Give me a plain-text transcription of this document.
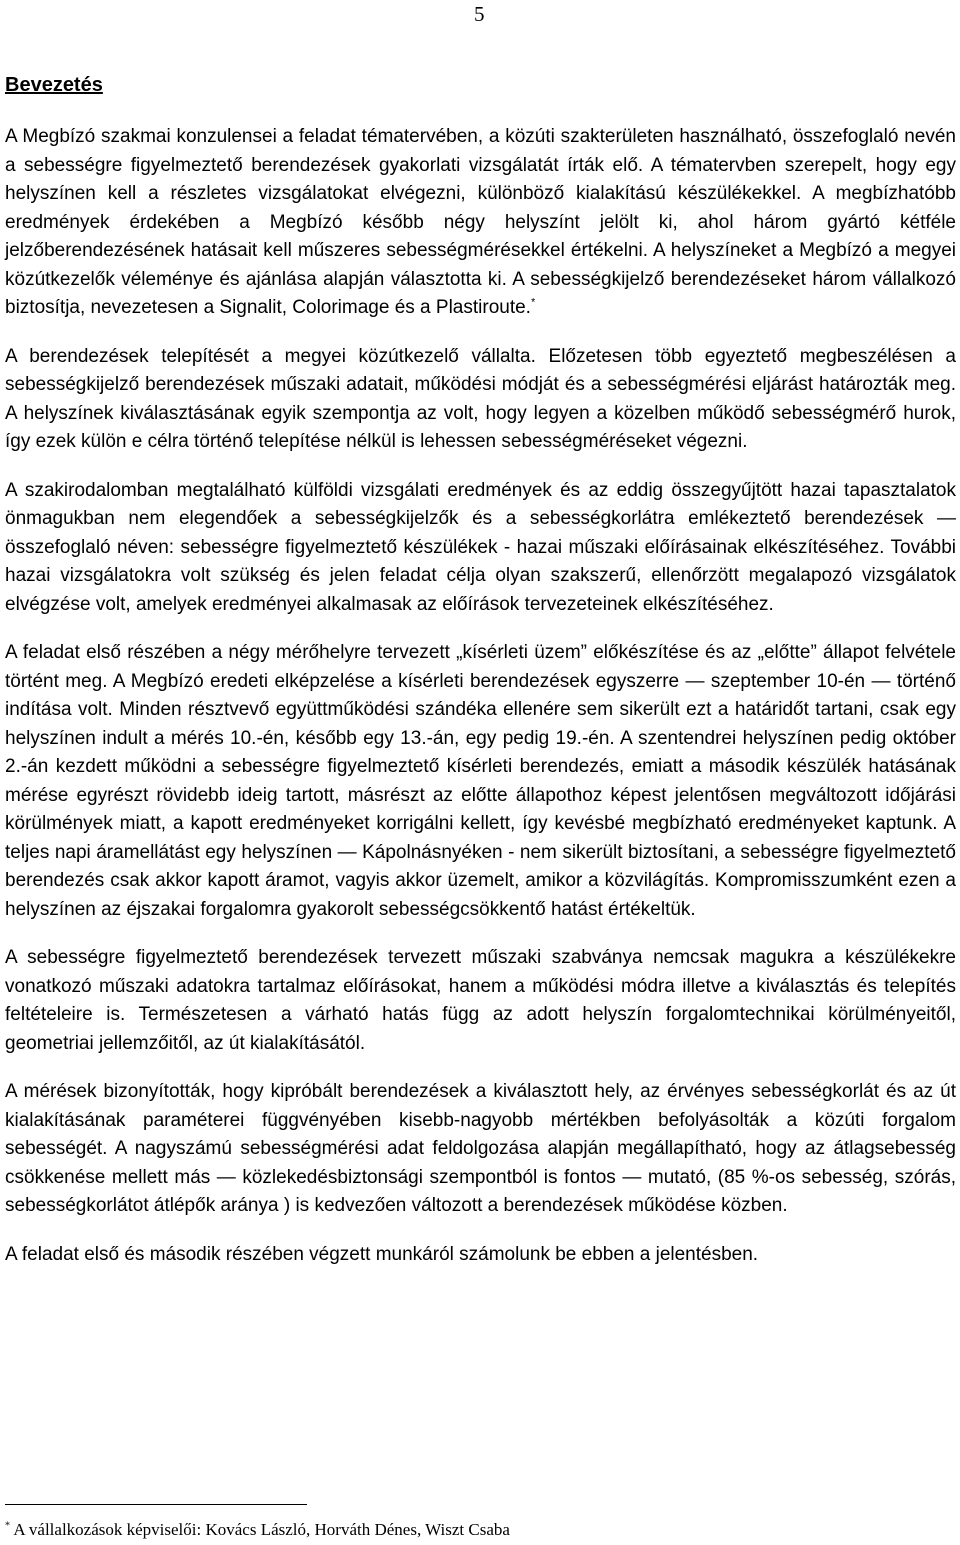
5
Bevezetés

A Megbízó szakmai konzulensei a feladat tématervében, a közúti szakterületen használható, összefoglaló nevén a sebességre figyelmeztető berendezések gyakorlati vizsgálatát írták elő. A tématervben szerepelt, hogy egy helyszínen kell a részletes vizsgálatokat elvégezni, különböző kialakítású készülékekkel. A megbízhatóbb eredmények érdekében a Megbízó később négy helyszínt jelölt ki, ahol három gyártó kétféle jelzőberendezésének hatásait kell műszeres sebességmérésekkel értékelni. A helyszíneket a Megbízó a megyei közútkezelők véleménye és ajánlása alapján választotta ki. A sebességkijelző berendezéseket három vállalkozó biztosítja, nevezetesen a Signalit, Colorimage és a Plastiroute.*

A berendezések telepítését a megyei közútkezelő vállalta. Előzetesen több egyeztető megbeszélésen a sebességkijelző berendezések műszaki adatait, működési módját és a sebességmérési eljárást határozták meg. A helyszínek kiválasztásának egyik szempontja az volt, hogy legyen a közelben működő sebességmérő hurok, így ezek külön e célra történő telepítése nélkül is lehessen sebességméréseket végezni.

A szakirodalomban megtalálható külföldi vizsgálati eredmények és az eddig összegyűjtött hazai tapasztalatok önmagukban nem elegendőek a sebességkijelzők és a sebességkorlátra emlékeztető berendezések — összefoglaló néven: sebességre figyelmeztető készülékek - hazai műszaki előírásainak elkészítéséhez. További hazai vizsgálatokra volt szükség és jelen feladat célja olyan szakszerű, ellenőrzött megalapozó vizsgálatok elvégzése volt, amelyek eredményei alkalmasak az előírások tervezeteinek elkészítéséhez.

A feladat első részében a négy mérőhelyre tervezett „kísérleti üzem” előkészítése és az „előtte” állapot felvétele történt meg. A Megbízó eredeti elképzelése a kísérleti berendezések egyszerre — szeptember 10-én — történő indítása volt. Minden résztvevő együttműködési szándéka ellenére sem sikerült ezt a határidőt tartani, csak egy helyszínen indult a mérés 10.-én, később egy 13.-án, egy pedig 19.-én. A szentendrei helyszínen pedig október 2.-án kezdett működni a sebességre figyelmeztető kísérleti berendezés, emiatt a második készülék hatásának mérése egyrészt rövidebb ideig tartott, másrészt az előtte állapothoz képest jelentősen megváltozott időjárási körülmények miatt, a kapott eredményeket korrigálni kellett, így kevésbé megbízható eredményeket kaptunk. A teljes napi áramellátást egy helyszínen — Kápolnásnyéken - nem sikerült biztosítani, a sebességre figyelmeztető berendezés csak akkor kapott áramot, vagyis akkor üzemelt, amikor a közvilágítás. Kompromisszumként ezen a helyszínen az éjszakai forgalomra gyakorolt sebességcsökkentő hatást értékeltük.

A sebességre figyelmeztető berendezések tervezett műszaki szabványa nemcsak magukra a készülékekre vonatkozó műszaki adatokra tartalmaz előírásokat, hanem a működési módra illetve a kiválasztás és telepítés feltételeire is. Természetesen a várható hatás függ az adott helyszín forgalomtechnikai körülményeitől, geometriai jellemzőitől, az út kialakításától.

A mérések bizonyították, hogy kipróbált berendezések a kiválasztott hely, az érvényes sebességkorlát és az út kialakításának paraméterei függvényében kisebb-nagyobb mértékben befolyásolták a közúti forgalom sebességét. A nagyszámú sebességmérési adat feldolgozása alapján megállapítható, hogy az átlagsebesség csökkenése mellett más — közlekedésbiztonsági szempontból is fontos — mutató, (85 %-os sebesség, szórás, sebességkorlátot átlépők aránya ) is kedvezően változott a berendezések működése közben.

A feladat első és második részében végzett munkáról számolunk be ebben a jelentésben.

* A vállalkozások képviselői: Kovács László, Horváth Dénes, Wiszt Csaba
